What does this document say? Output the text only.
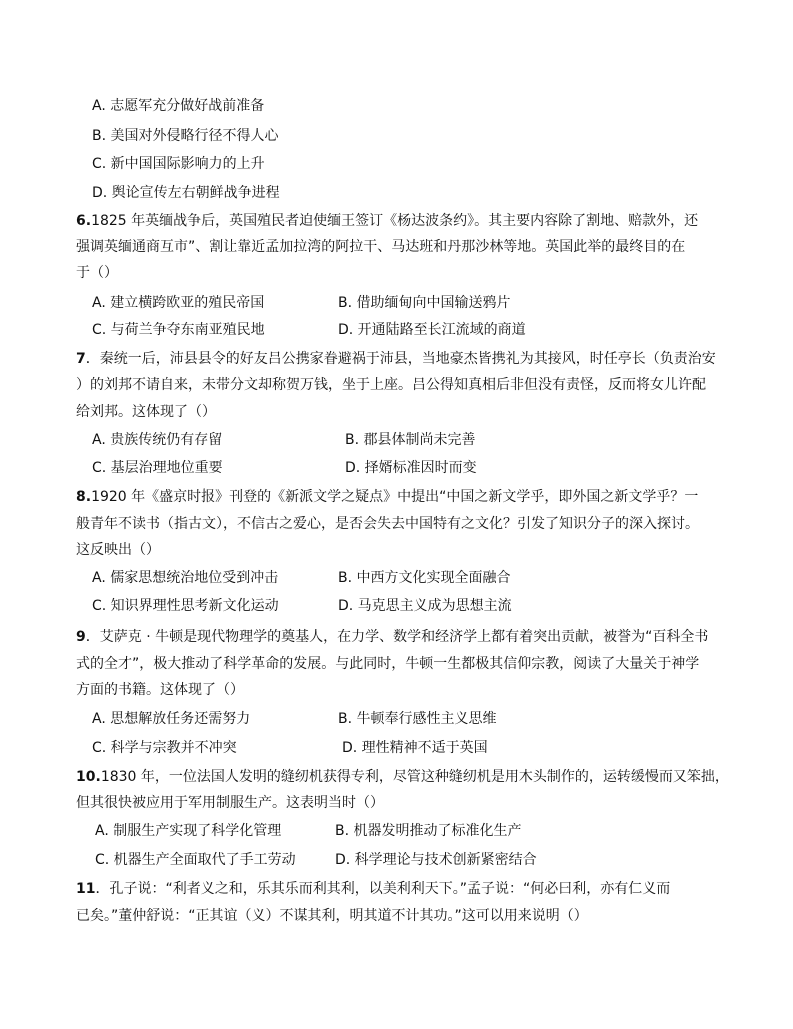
A. 志愿军充分做好战前准备
B. 美国对外侵略行径不得人心
C. 新中国国际影响力的上升
D. 舆论宣传左右朝鲜战争进程
6.1825 年英缅战争后，英国殖民者迫使缅王签订《杨达波条约》。其主要内容除了割地、赔款外，还
强调英缅通商互市”、割让靠近孟加拉湾的阿拉干、马达班和丹那沙林等地。英国此举的最终目的在
于（）
A. 建立横跨欧亚的殖民帝国	B. 借助缅甸向中国输送鸦片
C. 与荷兰争夺东南亚殖民地	D. 开通陆路至长江流域的商道
7．秦统一后，沛县县令的好友吕公携家眷避祸于沛县，当地豪杰皆携礼为其接风，时任亭长（负责治安
）的刘邦不请自来，未带分文却称贺万钱，坐于上座。吕公得知真相后非但没有责怪，反而将女儿许配
给刘邦。这体现了（）
A. 贵族传统仍有存留	B. 郡县体制尚未完善
C. 基层治理地位重要	D. 择婿标准因时而变
8.1920 年《盛京时报》刊登的《新派文学之疑点》中提出“中国之新文学乎，即外国之新文学乎？一
般青年不读书（指古文），不信古之爱心，是否会失去中国特有之文化？引发了知识分子的深入探讨。
这反映出（）
A. 儒家思想统治地位受到冲击	B. 中西方文化实现全面融合
C. 知识界理性思考新文化运动	D. 马克思主义成为思想主流
9．艾萨克 · 牛顿是现代物理学的奠基人，在力学、数学和经济学上都有着突出贡献，被誉为“百科全书
式的全才”，极大推动了科学革命的发展。与此同时，牛顿一生都极其信仰宗教，阅读了大量关于神学
方面的书籍。这体现了（）
A. 思想解放任务还需努力	B. 牛顿奉行感性主义思维
C. 科学与宗教并不冲突	D. 理性精神不适于英国
10.1830 年，一位法国人发明的缝纫机获得专利，尽管这种缝纫机是用木头制作的，运转缓慢而又笨拙，
但其很快被应用于军用制服生产。这表明当时（）
A. 制服生产实现了科学化管理	B. 机器发明推动了标准化生产
C. 机器生产全面取代了手工劳动	D. 科学理论与技术创新紧密结合
11．孔子说：“利者义之和，乐其乐而利其利，以美利利天下。”孟子说：“何必曰利，亦有仁义而
已矣。”董仲舒说：“正其谊（义）不谋其利，明其道不计其功。”这可以用来说明（）
